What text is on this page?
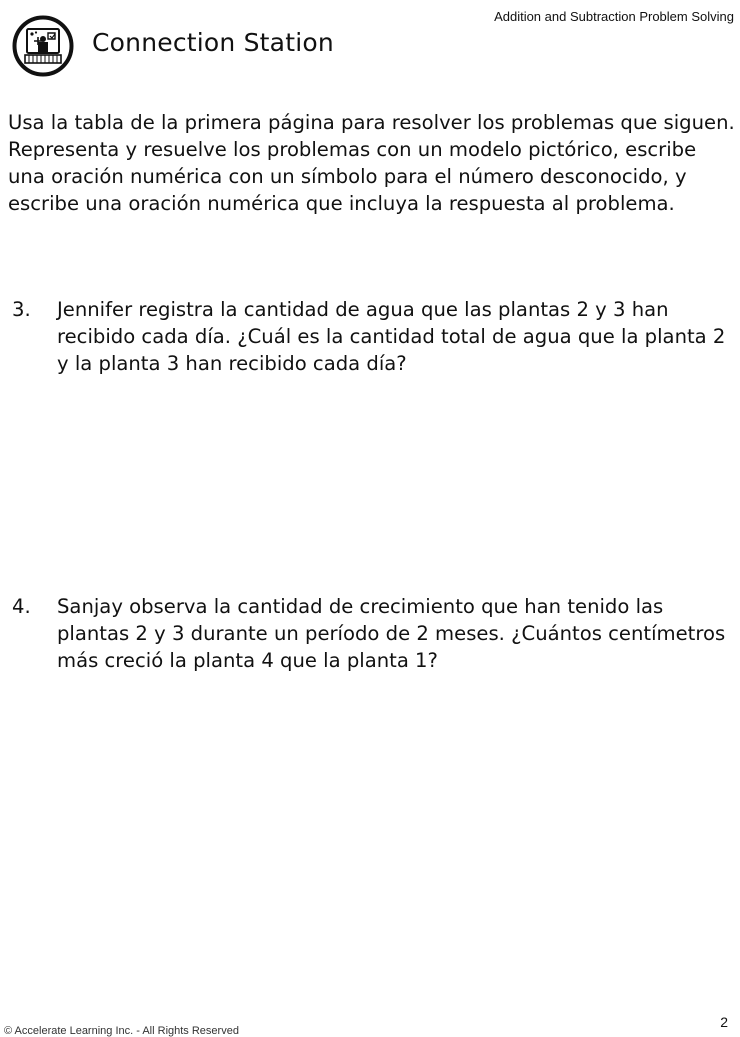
Addition and Subtraction Problem Solving
Connection Station
Usa la tabla de la primera página para resolver los problemas que siguen. Representa y resuelve los problemas con un modelo pictórico, escribe una oración numérica con un símbolo para el número desconocido, y escribe una oración numérica que incluya la respuesta al problema.
3.	Jennifer registra la cantidad de agua que las plantas 2 y 3 han recibido cada día. ¿Cuál es la cantidad total de agua que la planta 2 y la planta 3 han recibido cada día?
4.	Sanjay observa la cantidad de crecimiento que han tenido las plantas 2 y 3 durante un período de 2 meses. ¿Cuántos centímetros más creció la planta 4 que la planta 1?
2
© Accelerate Learning Inc. - All Rights Reserved
